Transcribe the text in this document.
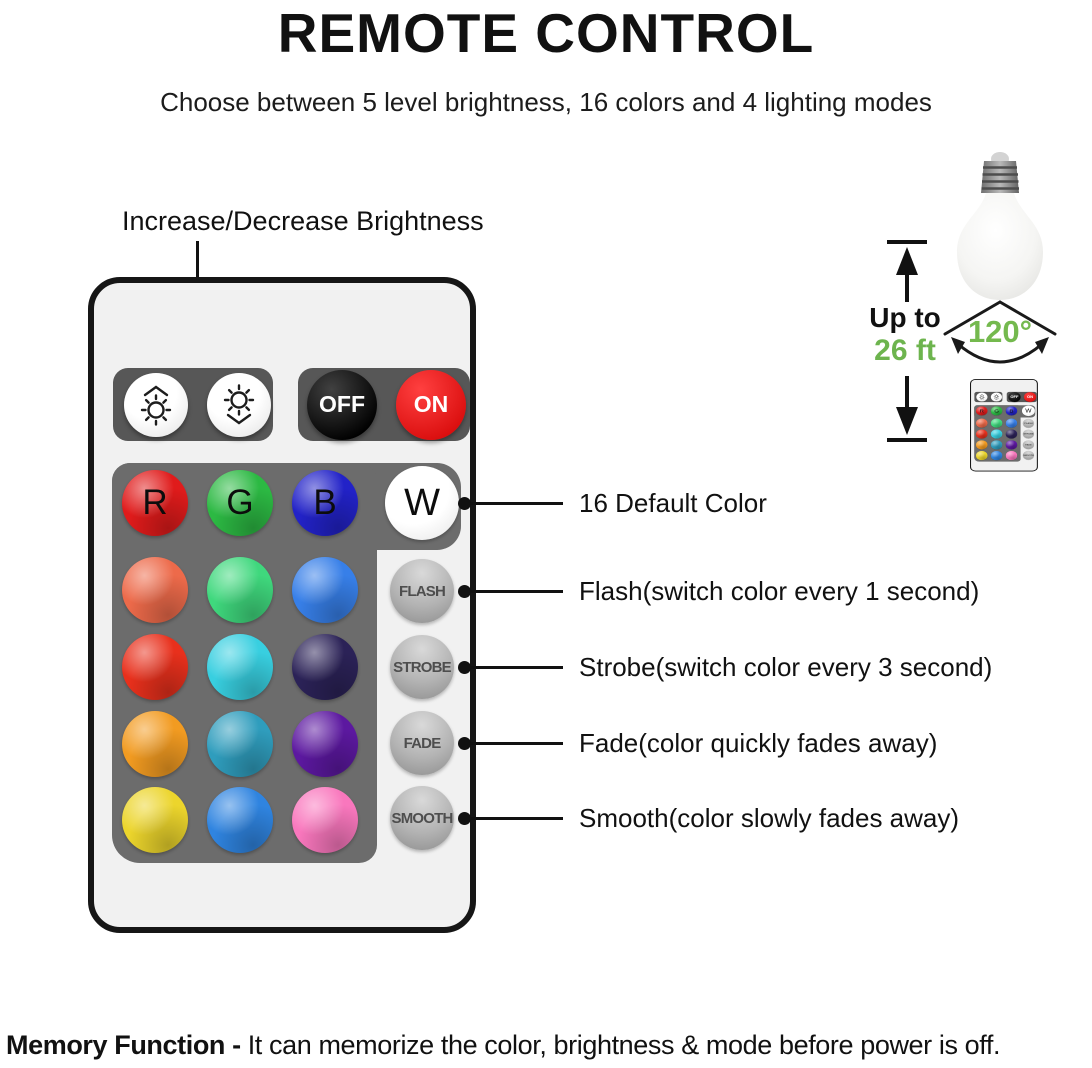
REMOTE CONTROL
Choose between 5 level brightness, 16 colors and 4 lighting modes
Increase/Decrease Brightness
OFF	ON
R	G	B	W
FLASH
STROBE
FADE
SMOOTH
16 Default Color
Flash(switch color every 1 second)
Strobe(switch color every 3 second)
Fade(color quickly fades away)
Smooth(color slowly fades away)
Up to
26 ft
120°
Memory Function - It can memorize the color, brightness & mode before power is off.
OFF ON
R G B W
FLASH
STROBE
FADE
SMOOTH
